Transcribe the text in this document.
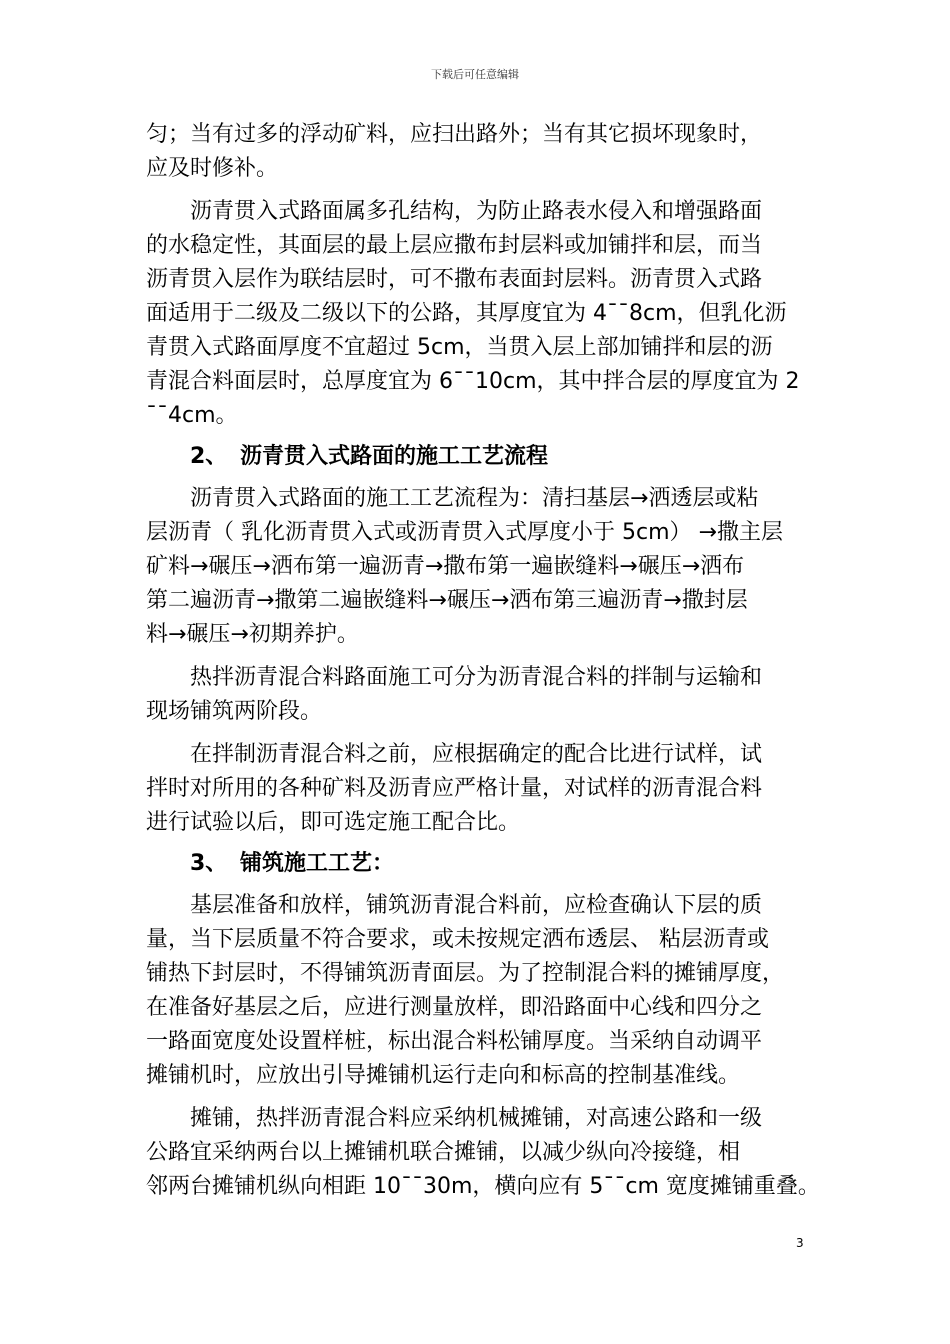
下载后可任意编辑
匀；当有过多的浮动矿料，应扫出路外；当有其它损坏现象时，
应及时修补。
沥青贯入式路面属多孔结构，为防止路表水侵入和增强路面
的水稳定性，其面层的最上层应撒布封层料或加铺拌和层，而当
沥青贯入层作为联结层时，可不撒布表面封层料。沥青贯入式路
面适用于二级及二级以下的公路，其厚度宜为 4¯¯8cm，但乳化沥
青贯入式路面厚度不宜超过 5cm，当贯入层上部加铺拌和层的沥
青混合料面层时，总厚度宜为 6¯¯10cm，其中拌合层的厚度宜为 2
¯¯4cm。
2、 沥青贯入式路面的施工工艺流程
沥青贯入式路面的施工工艺流程为：清扫基层→洒透层或粘
层沥青（ 乳化沥青贯入式或沥青贯入式厚度小于 5cm） →撒主层
矿料→碾压→洒布第一遍沥青→撒布第一遍嵌缝料→碾压→洒布
第二遍沥青→撒第二遍嵌缝料→碾压→洒布第三遍沥青→撒封层
料→碾压→初期养护。
热拌沥青混合料路面施工可分为沥青混合料的拌制与运输和
现场铺筑两阶段。
在拌制沥青混合料之前，应根据确定的配合比进行试样，试
拌时对所用的各种矿料及沥青应严格计量，对试样的沥青混合料
进行试验以后，即可选定施工配合比。
3、 铺筑施工工艺：
基层准备和放样，铺筑沥青混合料前，应检查确认下层的质
量，当下层质量不符合要求，或未按规定洒布透层、 粘层沥青或
铺热下封层时，不得铺筑沥青面层。为了控制混合料的摊铺厚度，
在准备好基层之后，应进行测量放样，即沿路面中心线和四分之
一路面宽度处设置样桩，标出混合料松铺厚度。当采纳自动调平
摊铺机时，应放出引导摊铺机运行走向和标高的控制基准线。
摊铺，热拌沥青混合料应采纳机械摊铺，对高速公路和一级
公路宜采纳两台以上摊铺机联合摊铺，以减少纵向冷接缝，相
邻两台摊铺机纵向相距 10¯¯30m，横向应有 5¯¯cm 宽度摊铺重叠。
3
